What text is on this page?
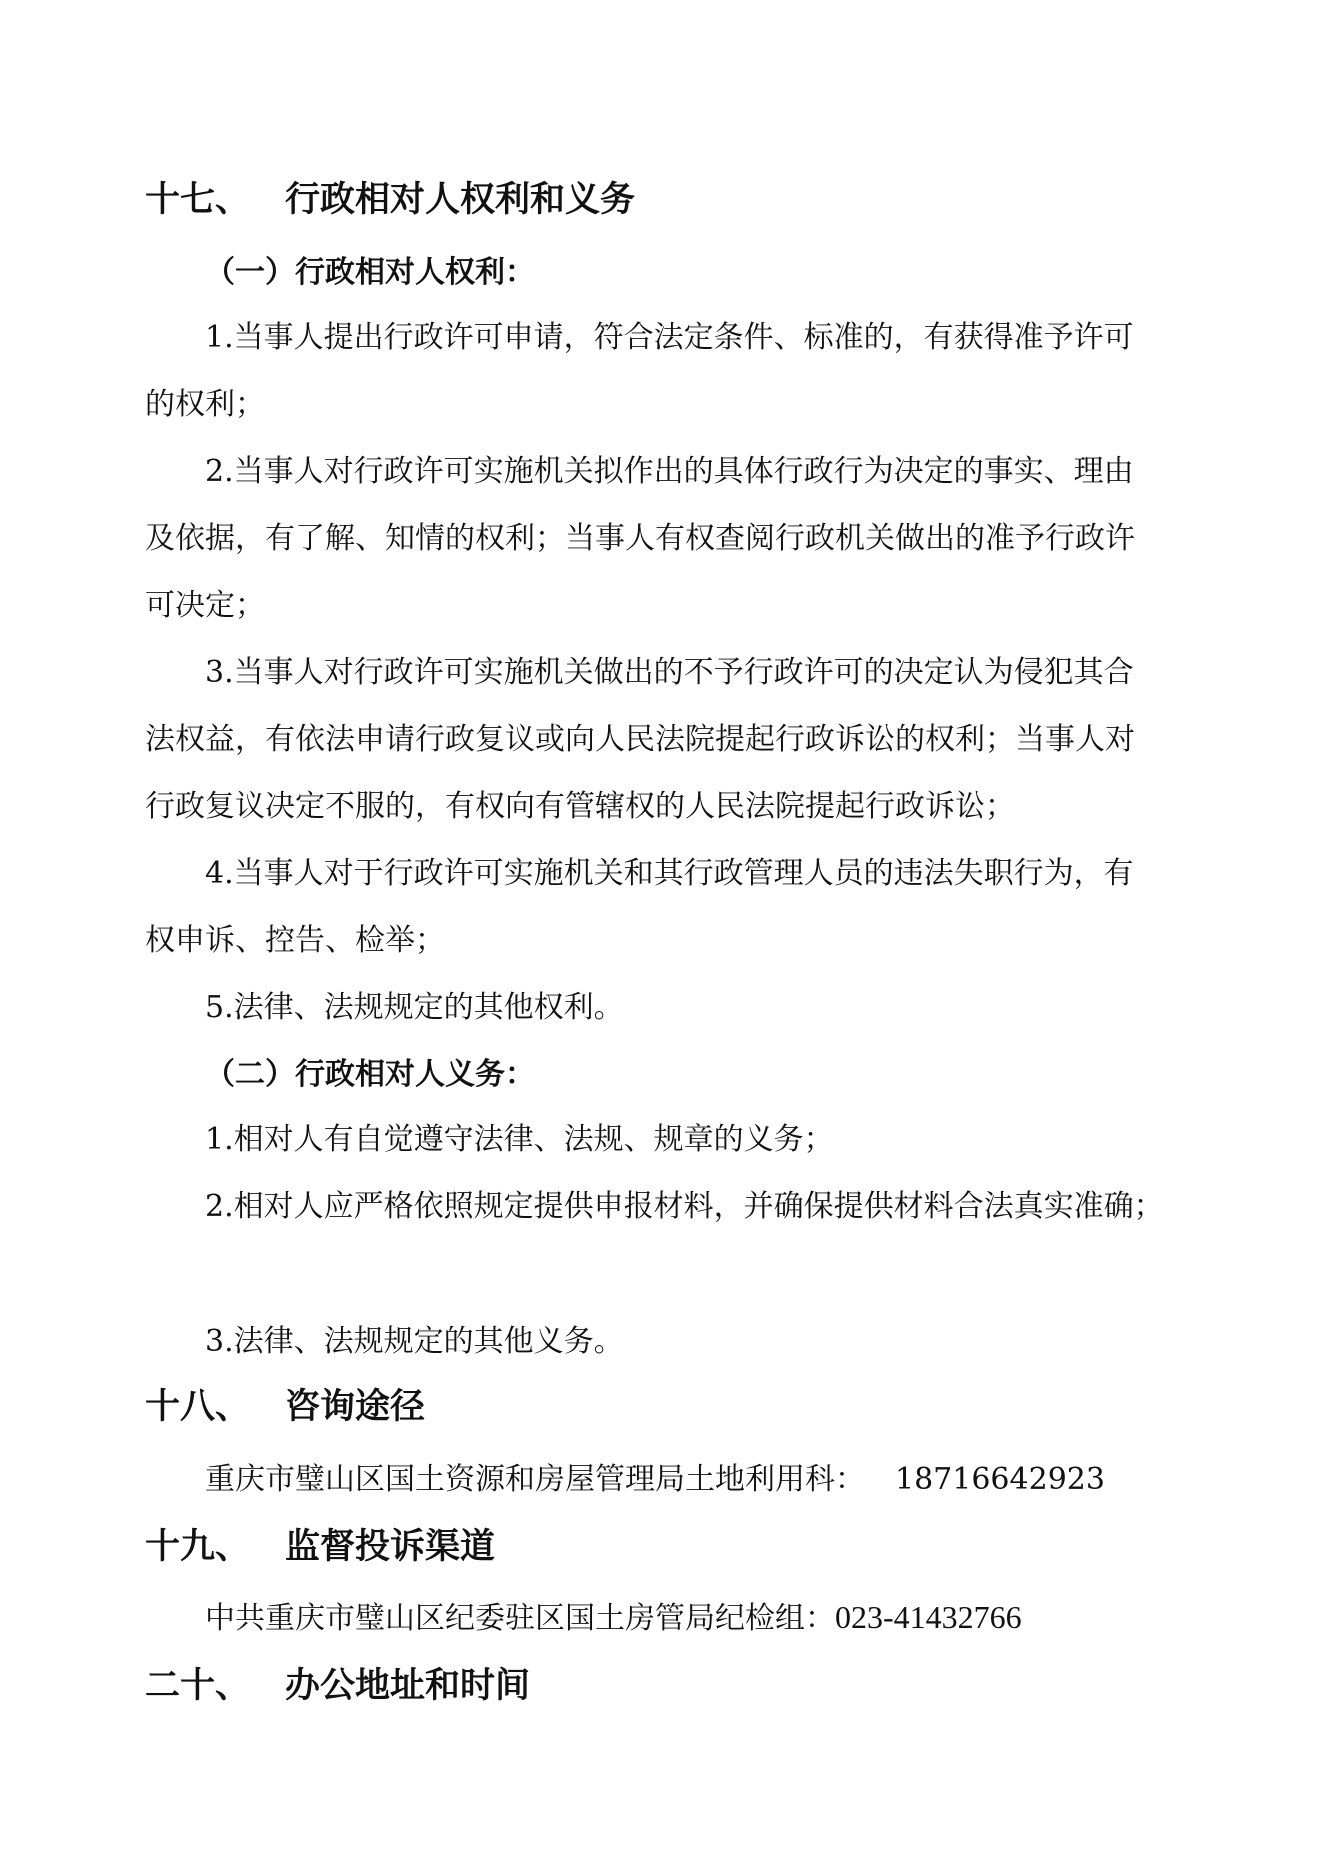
十七、 行政相对人权利和义务
（一）行政相对人权利：
1.当事人提出行政许可申请，符合法定条件、标准的，有获得准予许可
的权利；
2.当事人对行政许可实施机关拟作出的具体行政行为决定的事实、理由
及依据，有了解、知情的权利；当事人有权查阅行政机关做出的准予行政许
可决定；
3.当事人对行政许可实施机关做出的不予行政许可的决定认为侵犯其合
法权益，有依法申请行政复议或向人民法院提起行政诉讼的权利；当事人对
行政复议决定不服的，有权向有管辖权的人民法院提起行政诉讼；
4.当事人对于行政许可实施机关和其行政管理人员的违法失职行为，有
权申诉、控告、检举；
5.法律、法规规定的其他权利。
（二）行政相对人义务：
1.相对人有自觉遵守法律、法规、规章的义务；
2.相对人应严格依照规定提供申报材料，并确保提供材料合法真实准确；
3.法律、法规规定的其他义务。
十八、 咨询途径
重庆市璧山区国土资源和房屋管理局土地利用科： 18716642923
十九、 监督投诉渠道
中共重庆市璧山区纪委驻区国土房管局纪检组：023-41432766
二十、 办公地址和时间
